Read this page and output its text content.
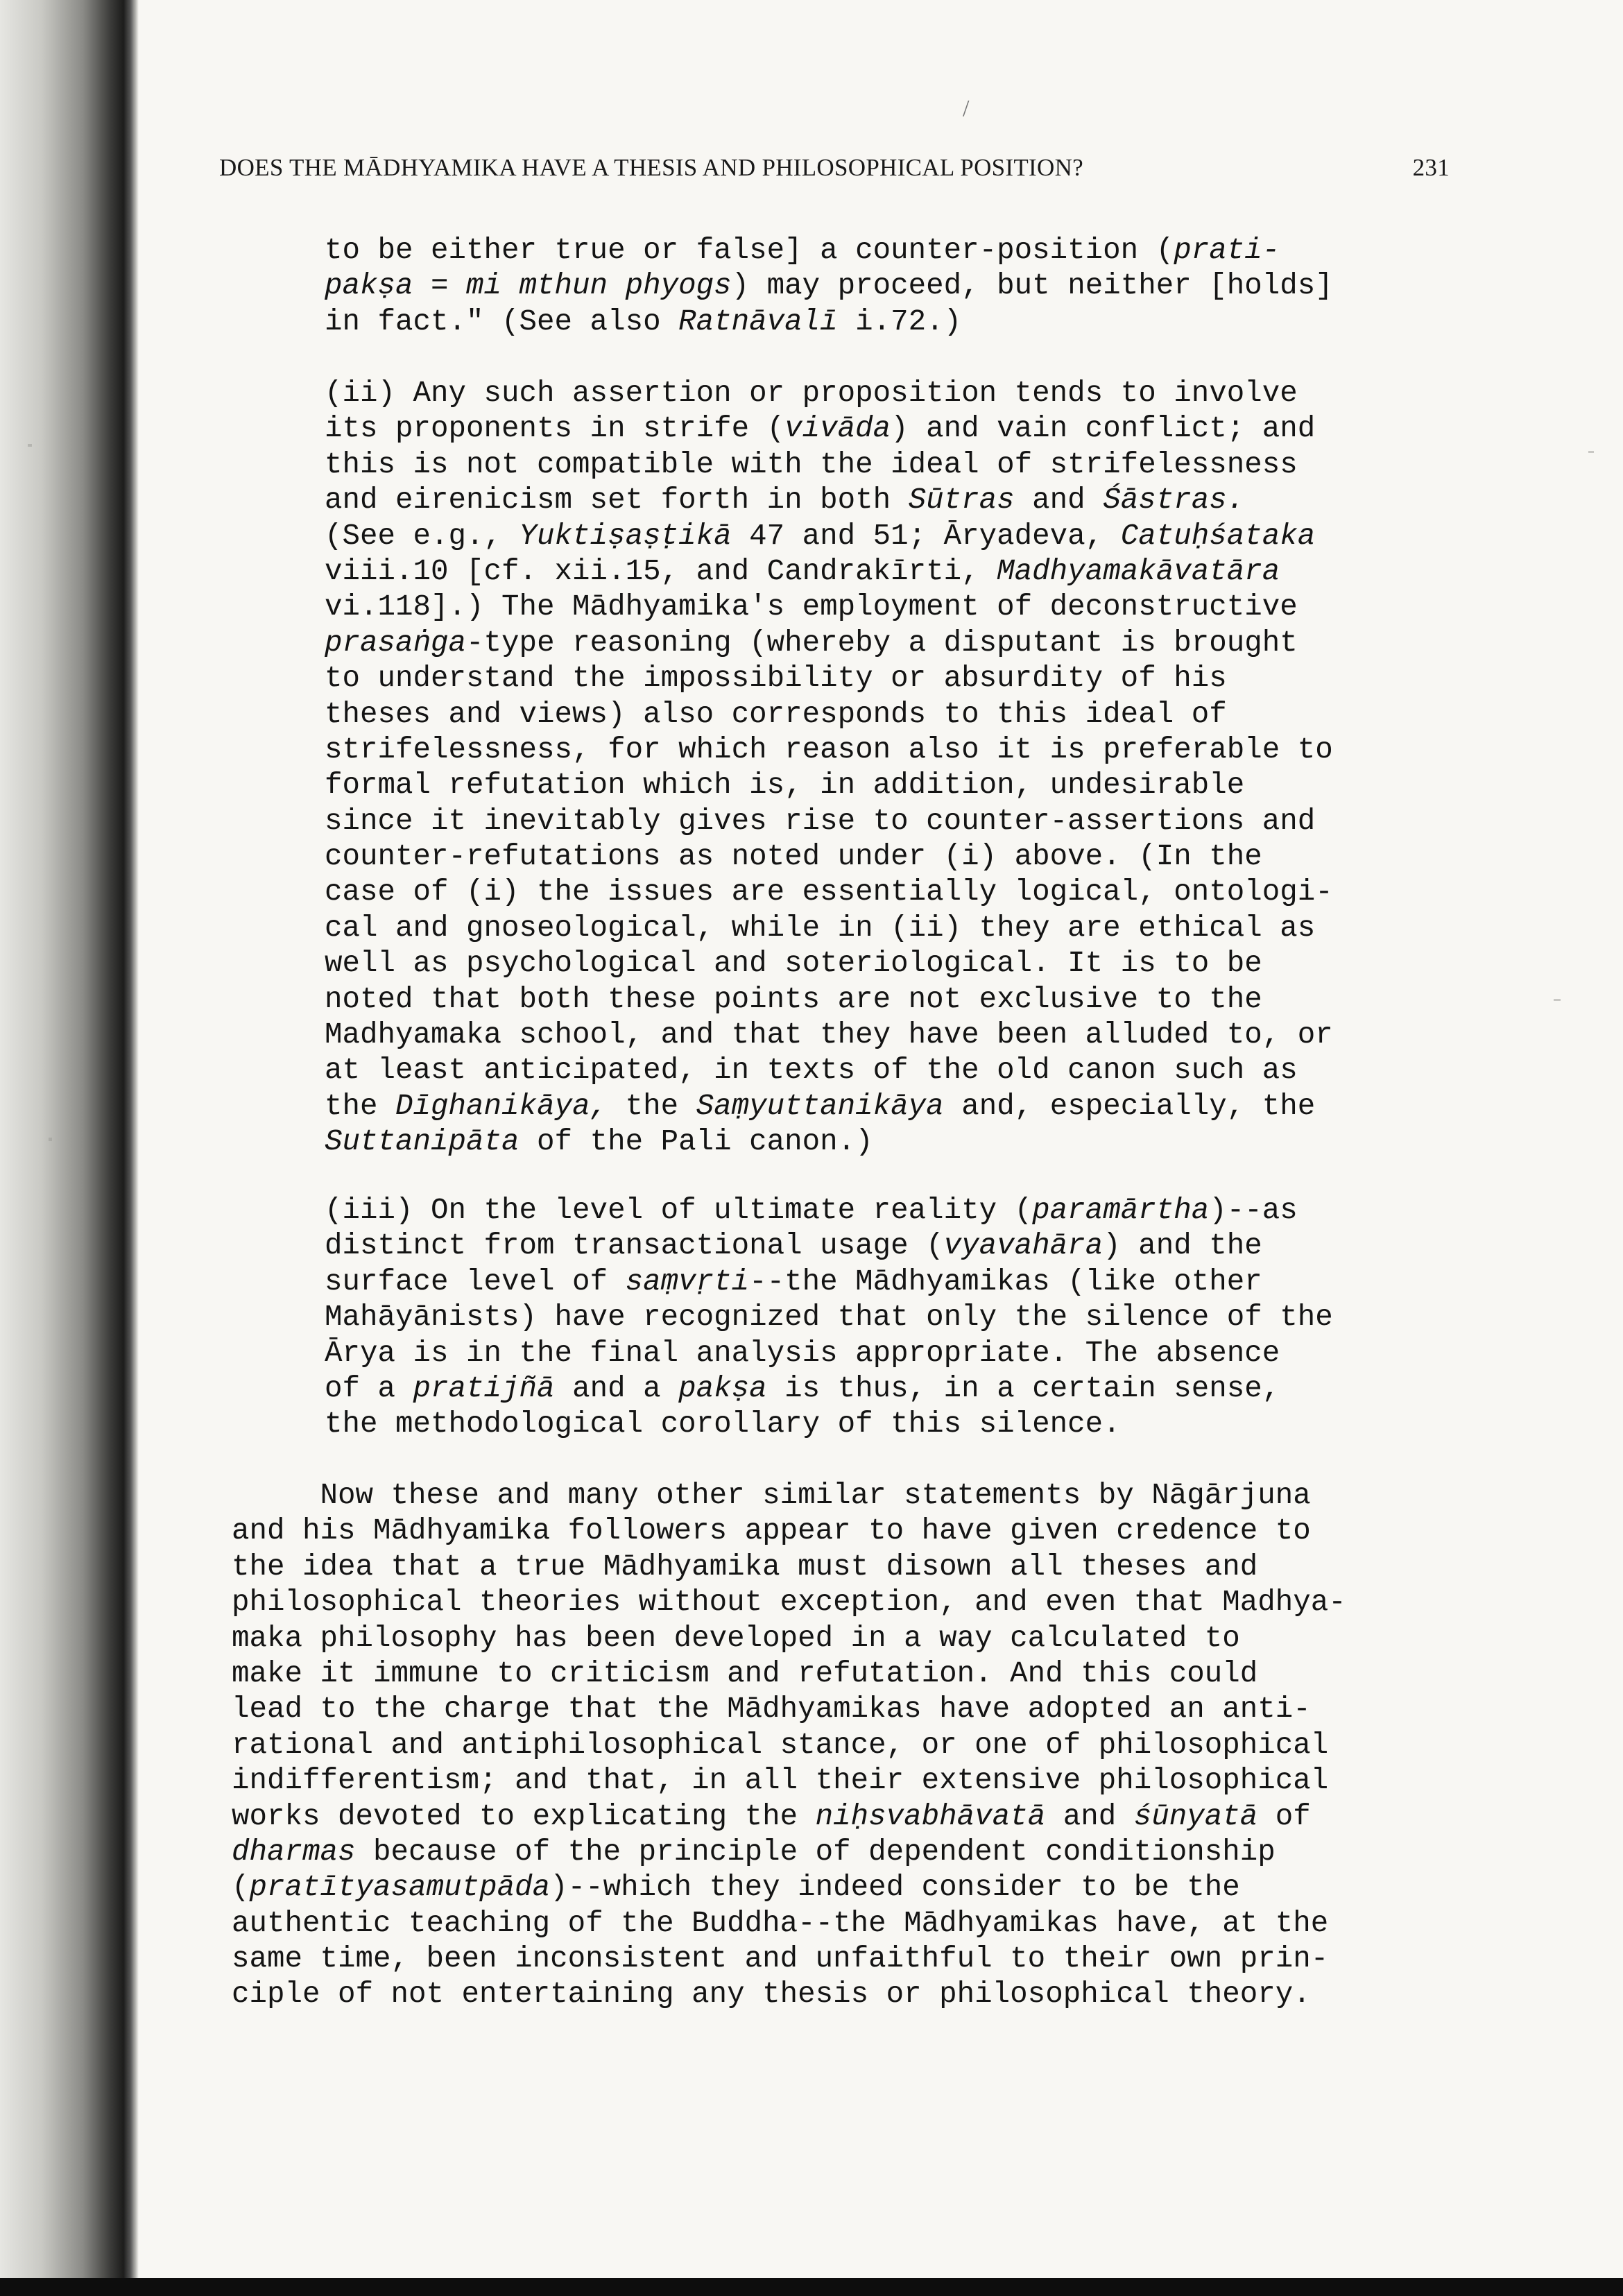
/
DOES THE MĀDHYAMIKA HAVE A THESIS AND PHILOSOPHICAL POSITION?	231

to be either true or false] a counter-position (prati-
pakṣa = mi mthun phyogs) may proceed, but neither [holds]
in fact." (See also Ratnāvalī i.72.)

(ii) Any such assertion or proposition tends to involve
its proponents in strife (vivāda) and vain conflict; and
this is not compatible with the ideal of strifelessness
and eirenicism set forth in both Sūtras and Śāstras.
(See e.g., Yuktiṣaṣṭikā 47 and 51; Āryadeva, Catuḥśataka
viii.10 [cf. xii.15, and Candrakīrti, Madhyamakāvatāra
vi.118].) The Mādhyamika's employment of deconstructive
prasaṅga-type reasoning (whereby a disputant is brought
to understand the impossibility or absurdity of his
theses and views) also corresponds to this ideal of
strifelessness, for which reason also it is preferable to
formal refutation which is, in addition, undesirable
since it inevitably gives rise to counter-assertions and
counter-refutations as noted under (i) above. (In the
case of (i) the issues are essentially logical, ontologi-
cal and gnoseological, while in (ii) they are ethical as
well as psychological and soteriological. It is to be
noted that both these points are not exclusive to the
Madhyamaka school, and that they have been alluded to, or
at least anticipated, in texts of the old canon such as
the Dīghanikāya, the Saṃyuttanikāya and, especially, the
Suttanipāta of the Pali canon.)

(iii) On the level of ultimate reality (paramārtha)--as
distinct from transactional usage (vyavahāra) and the
surface level of saṃvṛti--the Mādhyamikas (like other
Mahāyānists) have recognized that only the silence of the
Ārya is in the final analysis appropriate. The absence
of a pratijñā and a pakṣa is thus, in a certain sense,
the methodological corollary of this silence.

Now these and many other similar statements by Nāgārjuna
and his Mādhyamika followers appear to have given credence to
the idea that a true Mādhyamika must disown all theses and
philosophical theories without exception, and even that Madhya-
maka philosophy has been developed in a way calculated to
make it immune to criticism and refutation. And this could
lead to the charge that the Mādhyamikas have adopted an anti-
rational and antiphilosophical stance, or one of philosophical
indifferentism; and that, in all their extensive philosophical
works devoted to explicating the niḥsvabhāvatā and śūnyatā of
dharmas because of the principle of dependent conditionship
(pratītyasamutpāda)--which they indeed consider to be the
authentic teaching of the Buddha--the Mādhyamikas have, at the
same time, been inconsistent and unfaithful to their own prin-
ciple of not entertaining any thesis or philosophical theory.
